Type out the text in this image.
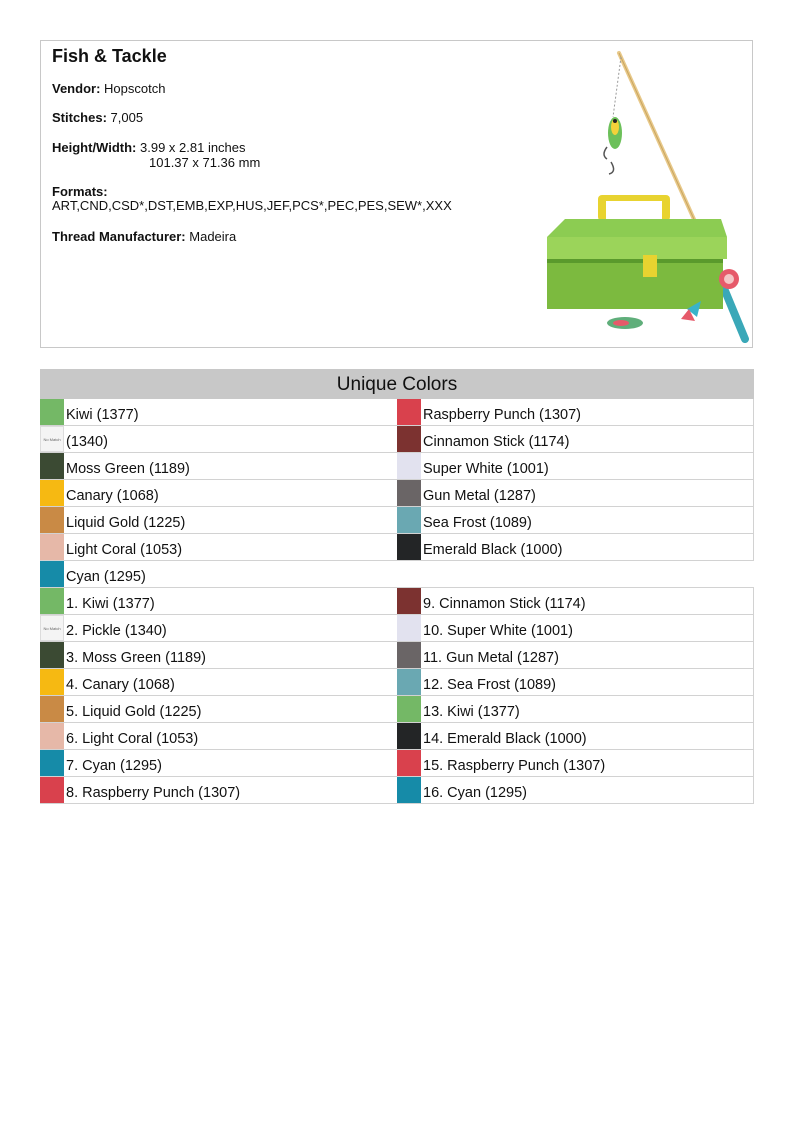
Fish & Tackle
Vendor: Hopscotch
Stitches: 7,005
Height/Width: 3.99 x 2.81 inches
101.37 x 71.36 mm
Formats:
ART,CND,CSD*,DST,EMB,EXP,HUS,JEF,PCS*,PEC,PES,SEW*,XXX
Thread Manufacturer: Madeira
Unique Colors
Kiwi (1377)
No Match (1340)
Moss Green (1189)
Canary (1068)
Liquid Gold (1225)
Light Coral (1053)
Cyan (1295)
Raspberry Punch (1307)
Cinnamon Stick (1174)
Super White (1001)
Gun Metal (1287)
Sea Frost (1089)
Emerald Black (1000)
1. Kiwi (1377)
No Match 2. Pickle (1340)
3. Moss Green (1189)
4. Canary (1068)
5. Liquid Gold (1225)
6. Light Coral (1053)
7. Cyan (1295)
8. Raspberry Punch (1307)
9. Cinnamon Stick (1174)
10. Super White (1001)
11. Gun Metal (1287)
12. Sea Frost (1089)
13. Kiwi (1377)
14. Emerald Black (1000)
15. Raspberry Punch (1307)
16. Cyan (1295)
